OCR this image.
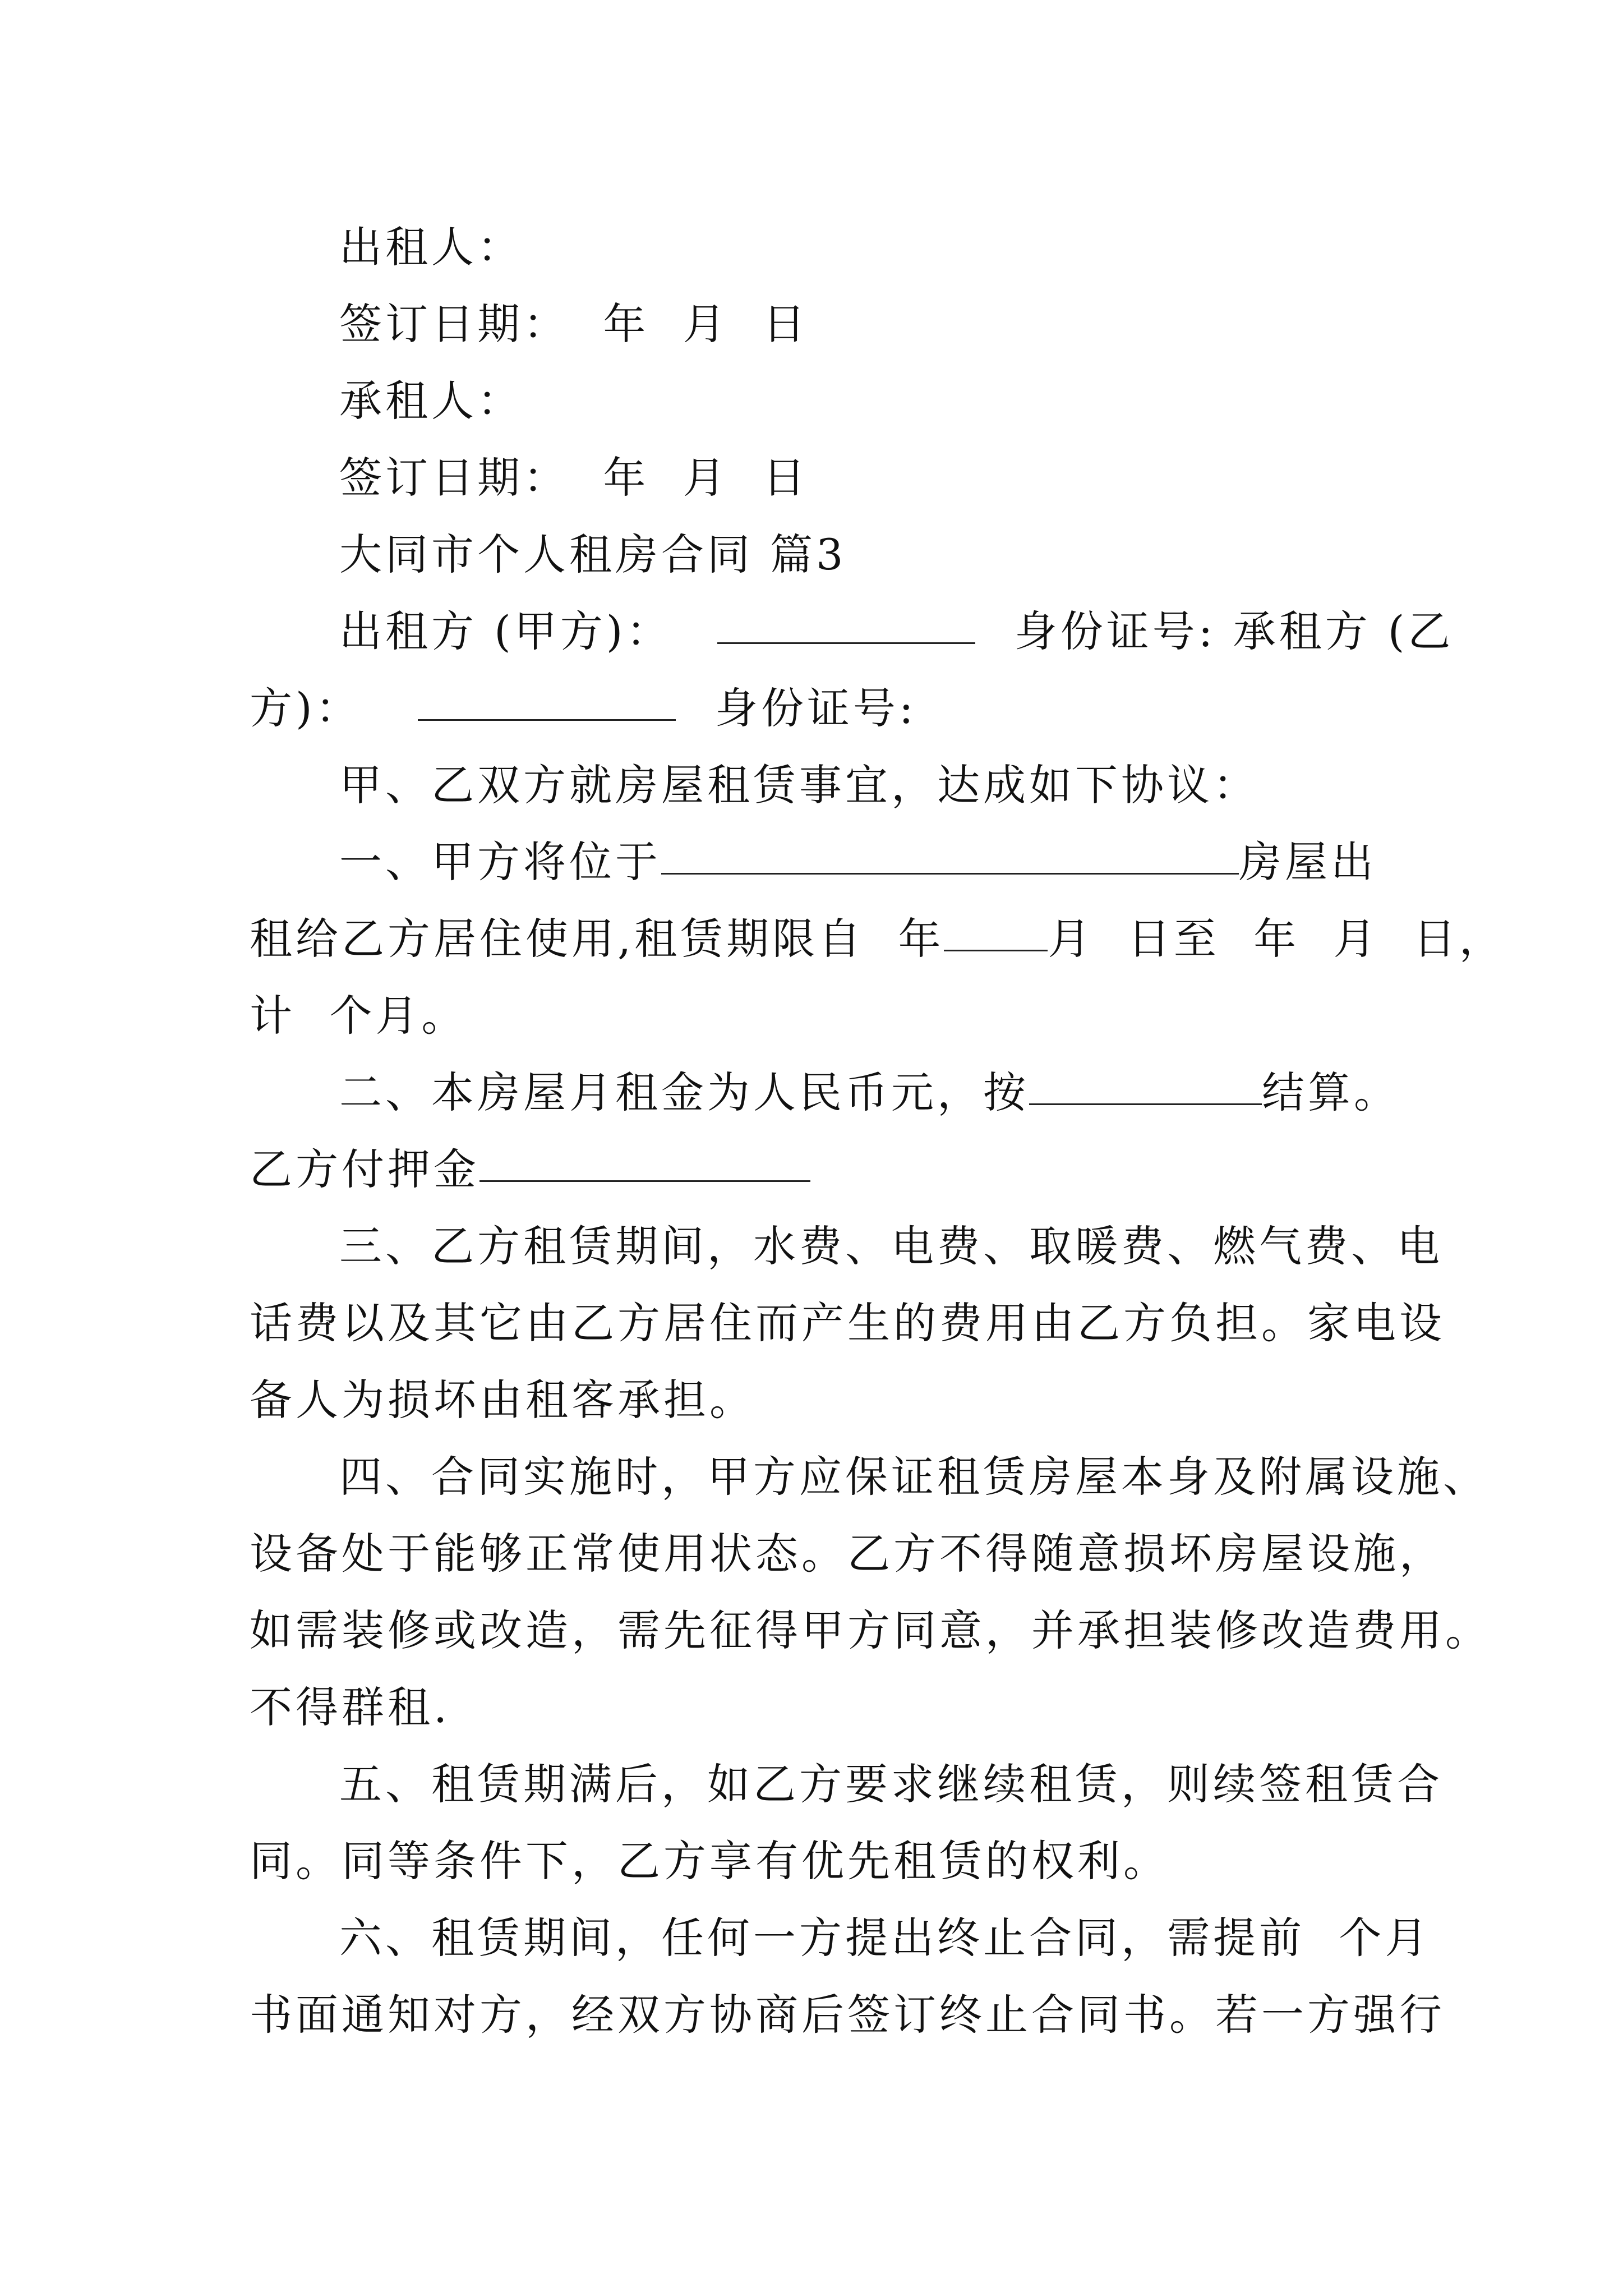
出租人：
签订日期：  年  月  日
承租人：
签订日期：  年  月  日
大同市个人租房合同 篇3
出租方 (甲方)：	身份证号: 承租方 (乙
方)：	身份证号:
甲、乙双方就房屋租赁事宜，达成如下协议：
一、甲方将位于	房屋出
租给乙方居住使用,租赁期限自  年 月  日至  年  月  日，
计  个月。
二、本房屋月租金为人民币元，按	结算。
乙方付押金
三、乙方租赁期间，水费、电费、取暖费、燃气费、电
话费以及其它由乙方居住而产生的费用由乙方负担。家电设
备人为损坏由租客承担。
四、合同实施时，甲方应保证租赁房屋本身及附属设施、
设备处于能够正常使用状态。乙方不得随意损坏房屋设施，
如需装修或改造，需先征得甲方同意，并承担装修改造费用。
不得群租.
五、租赁期满后，如乙方要求继续租赁，则续签租赁合
同。同等条件下，乙方享有优先租赁的权利。
六、租赁期间，任何一方提出终止合同，需提前  个月
书面通知对方，经双方协商后签订终止合同书。若一方强行
